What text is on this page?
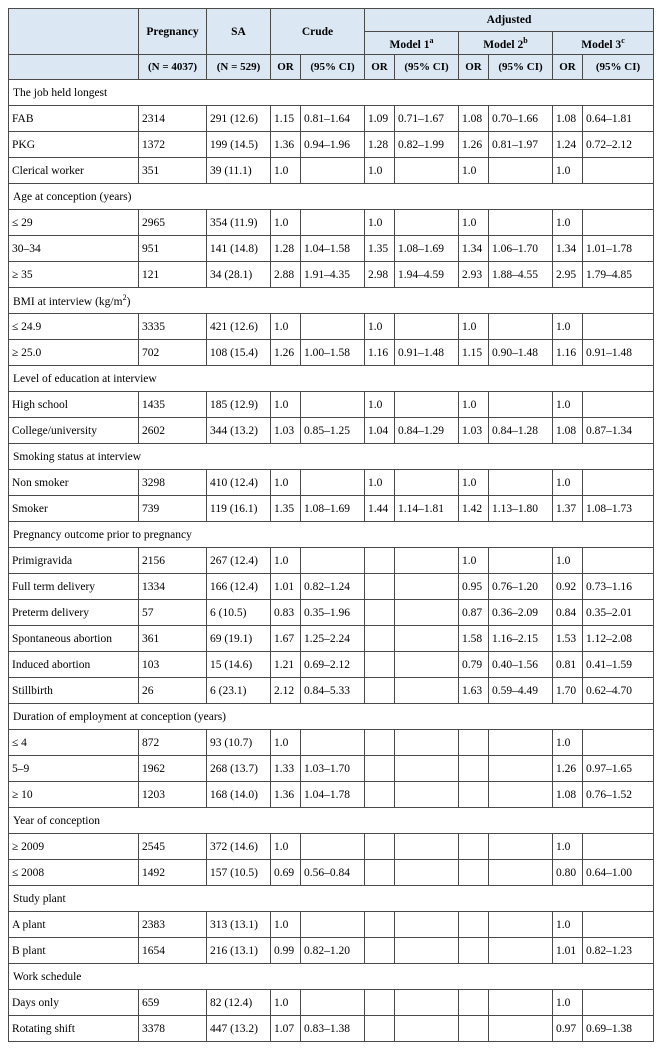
	Pregnancy	SA	Crude		Adjusted					
					Model 1$^a$		Model 2$^b$		Model 3$^c$
	(N = 4037)	(N = 529)	OR	(95% CI)	OR	(95% CI)	OR	(95% CI)	OR	(95% CI)
The job held longest										
FAB	2314	291 (12.6)	1.15	0.81–1.64	1.09	0.71–1.67	1.08	0.70–1.66	1.08	0.64–1.81
PKG	1372	199 (14.5)	1.36	0.94–1.96	1.28	0.82–1.99	1.26	0.81–1.97	1.24	0.72–2.12
Clerical worker	351	39 (11.1)	1.0		1.0		1.0		1.0	
Age at conception (years)										
≤ 29	2965	354 (11.9)	1.0		1.0		1.0		1.0	
30–34	951	141 (14.8)	1.28	1.04–1.58	1.35	1.08–1.69	1.34	1.06–1.70	1.34	1.01–1.78
≥ 35	121	34 (28.1)	2.88	1.91–4.35	2.98	1.94–4.59	2.93	1.88–4.55	2.95	1.79–4.85
BMI at interview $(kg/m^2)$										
≤ 24.9	3335	421 (12.6)	1.0		1.0		1.0		1.0	
≥ 25.0	702	108 (15.4)	1.26	1.00–1.58	1.16	0.91–1.48	1.15	0.90–1.48	1.16	0.91–1.48
Level of education at interview										
High school	1435	185 (12.9)	1.0		1.0		1.0		1.0	
College/university	2602	344 (13.2)	1.03	0.85–1.25	1.04	0.84–1.29	1.03	0.84–1.28	1.08	0.87–1.34
Smoking status at interview										
Non smoker	3298	410 (12.4)	1.0		1.0		1.0		1.0	
Smoker	739	119 (16.1)	1.35	1.08–1.69	1.44	1.14–1.81	1.42	1.13–1.80	1.37	1.08–1.73
Pregnancy outcome prior to pregnancy										
Primigravida	2156	267 (12.4)	1.0				1.0		1.0	
Full term delivery	1334	166 (12.4)	1.01	0.82–1.24			0.95	0.76–1.20	0.92	0.73–1.16
Preterm delivery	57	6 (10.5)	0.83	0.35–1.96			0.87	0.36–2.09	0.84	0.35–2.01
Spontaneous abortion	361	69 (19.1)	1.67	1.25–2.24			1.58	1.16–2.15	1.53	1.12–2.08
Induced abortion	103	15 (14.6)	1.21	0.69–2.12			0.79	0.40–1.56	0.81	0.41–1.59
Stillbirth	26	6 (23.1)	2.12	0.84–5.33			1.63	0.59–4.49	1.70	0.62–4.70
Duration of employment at conception (years)										
≤ 4	872	93 (10.7)	1.0						1.0	
5–9	1962	268 (13.7)	1.33	1.03–1.70					1.26	0.97–1.65
≥ 10	1203	168 (14.0)	1.36	1.04–1.78					1.08	0.76–1.52
Year of conception										
≥ 2009	2545	372 (14.6)	1.0						1.0	
≤ 2008	1492	157 (10.5)	0.69	0.56–0.84					0.80	0.64–1.00
Study plant										
A plant	2383	313 (13.1)	1.0						1.0	
B plant	1654	216 (13.1)	0.99	0.82–1.20					1.01	0.82–1.23
Work schedule										
Days only	659	82 (12.4)	1.0						1.0	
Rotating shift	3378	447 (13.2)	1.07	0.83–1.38					0.97	0.69–1.38
